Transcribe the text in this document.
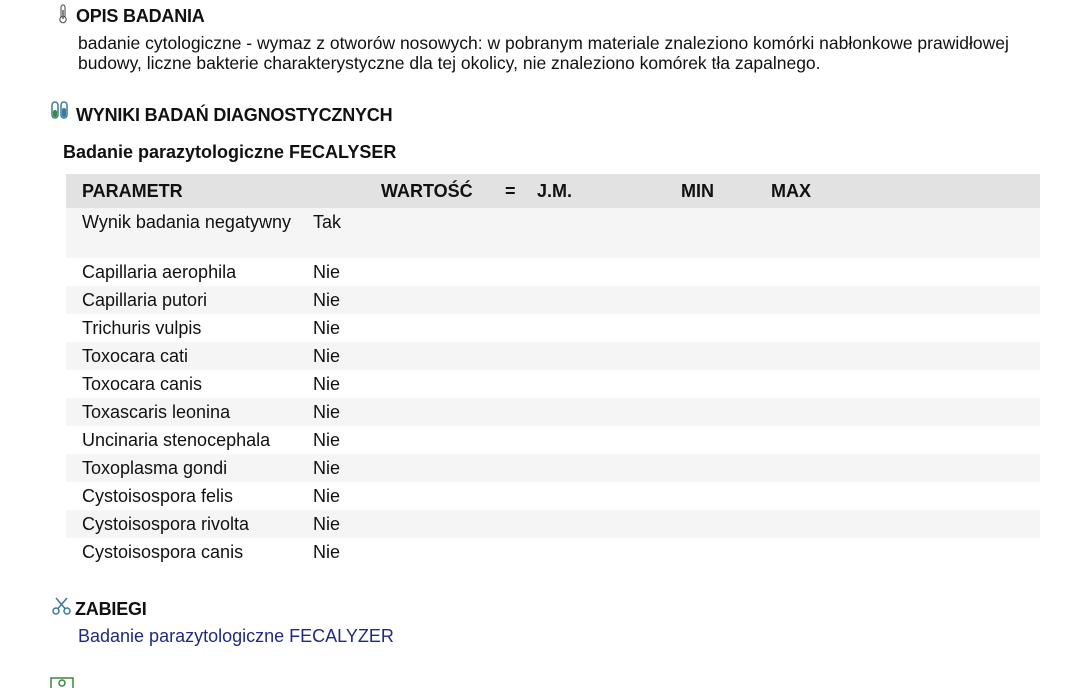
OPIS BADANIA
badanie cytologiczne - wymaz z otworów nosowych: w pobranym materiale znaleziono komórki nabłonkowe prawidłowej budowy, liczne bakterie charakterystyczne dla tej okolicy, nie znaleziono komórek tła zapalnego.
WYNIKI BADAŃ DIAGNOSTYCZNYCH
Badanie parazytologiczne FECALYSER
PARAMETR		WARTOŚĆ	=	J.M.	MIN	MAX
Wynik badania negatywny	Tak					
Capillaria aerophila	Nie					
Capillaria putori	Nie					
Trichuris vulpis	Nie					
Toxocara cati	Nie					
Toxocara canis	Nie					
Toxascaris leonina	Nie					
Uncinaria stenocephala	Nie					
Toxoplasma gondi	Nie					
Cystoisospora felis	Nie					
Cystoisospora rivolta	Nie					
Cystoisospora canis	Nie					
ZABIEGI
Badanie parazytologiczne FECALYZER
